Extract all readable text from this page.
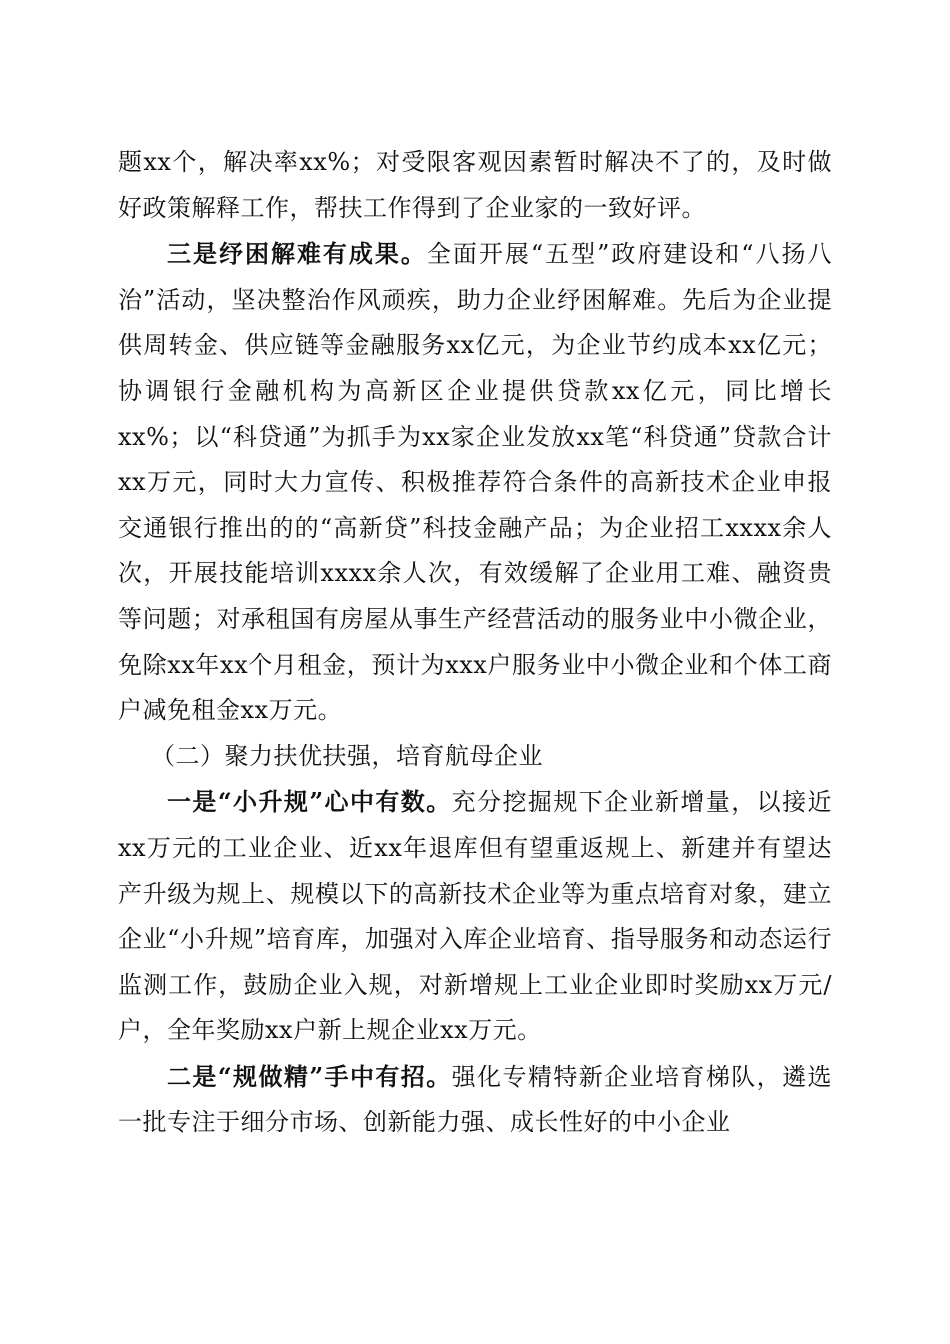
题xx个，解决率xx%；对受限客观因素暂时解决不了的，及时做好政策解释工作，帮扶工作得到了企业家的一致好评。

三是纾困解难有成果。全面开展“五型”政府建设和“八扬八治”活动，坚决整治作风顽疾，助力企业纾困解难。先后为企业提供周转金、供应链等金融服务xx亿元，为企业节约成本xx亿元；协调银行金融机构为高新区企业提供贷款xx亿元，同比增长xx%；以“科贷通”为抓手为xx家企业发放xx笔“科贷通”贷款合计xx万元，同时大力宣传、积极推荐符合条件的高新技术企业申报交通银行推出的的“高新贷”科技金融产品；为企业招工xxxx余人次，开展技能培训xxxx余人次，有效缓解了企业用工难、融资贵等问题；对承租国有房屋从事生产经营活动的服务业中小微企业，免除xx年xx个月租金，预计为xxx户服务业中小微企业和个体工商户减免租金xx万元。

（二）聚力扶优扶强，培育航母企业

一是“小升规”心中有数。充分挖掘规下企业新增量，以接近xx万元的工业企业、近xx年退库但有望重返规上、新建并有望达产升级为规上、规模以下的高新技术企业等为重点培育对象，建立企业“小升规”培育库，加强对入库企业培育、指导服务和动态运行监测工作，鼓励企业入规，对新增规上工业企业即时奖励xx万元/户，全年奖励xx户新上规企业xx万元。

二是“规做精”手中有招。强化专精特新企业培育梯队，遴选一批专注于细分市场、创新能力强、成长性好的中小企业
